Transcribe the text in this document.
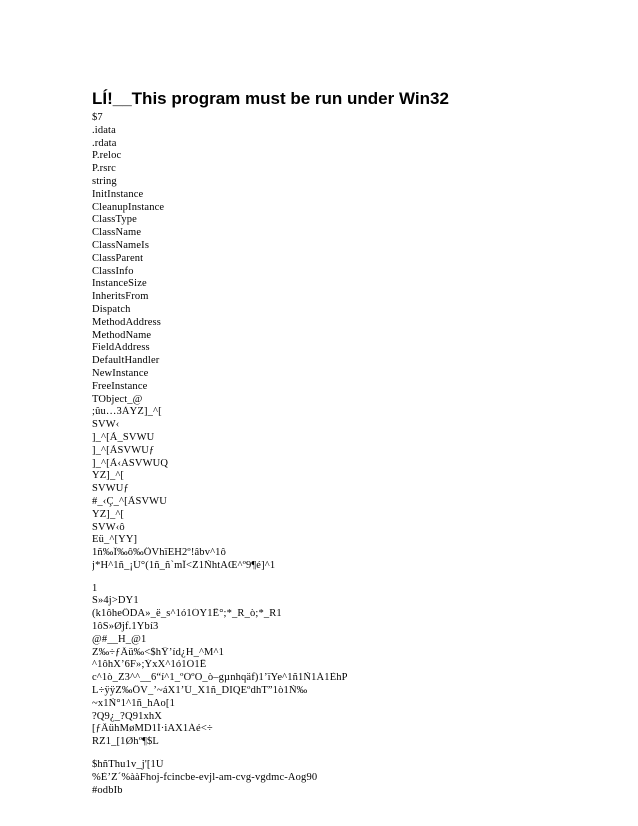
LÍ!__This program must be run under Win32
$7
.idata
.rdata
P.reloc
P.rsrc
string
InitInstance
CleanupInstance
ClassType
ClassName
ClassNameIs
ClassParent
ClassInfo
InstanceSize
InheritsFrom
Dispatch
MethodAddress
MethodName
FieldAddress
DefaultHandler
NewInstance
FreeInstance
TObject_@
;ûu…3ÀYZ]_^[
SVW‹
]_^[Ã_SVWU
]_^[ÃSVWUƒ
]_^[Ã‹ÀSVWUQ
YZ]_^[
SVWUƒ
#_‹Ç_^[ÃSVWU
YZ]_^[
SVW‹ô
Eü_^[YY]
1ñ‰Î‰ô‰ÖVhïEH2º!âbv^1ô
j*H^1ñ_¡Ú°(1ñ_ñ`mÏ<Z1ÑhtAŒ^º9¶é]^1
1
S»4j>DY1
(k1ôheÖDA»_ë_s^1ó1ÓY1Ë°;*_R_ò;*_R1
1ôS»Øjf.1Ybí3
@#__H_@1
Z‰÷ƒÄü‰<$hŸ’íd¿H_^M^1
^1ôhX’6F»;ÝxX^1ó1Ó1Ë
c^1ò_Z3^^__6“í^1_ºÓºO_ò–gµnhqäf)1’ïYe^1ñ1Ñ1Á1ÈhP
L÷ÿÿZ‰ÖV_’~áX1’Ú_X1ñ_DIQEºdhT”1ò1Ñ‰
~x1Ñ°1^1ñ_hAo[1
?Q9¿_?Q91xhX
[ƒÄühMøMD1Í·iAX1Áé<÷
RZ1_[1Øhº¶$L
$hñThu1v_j'[1Ù
%È’Z´%ààFhoj-fcincbe-evjl-am-cvg-vgdmc-Aog90
#odbIb
